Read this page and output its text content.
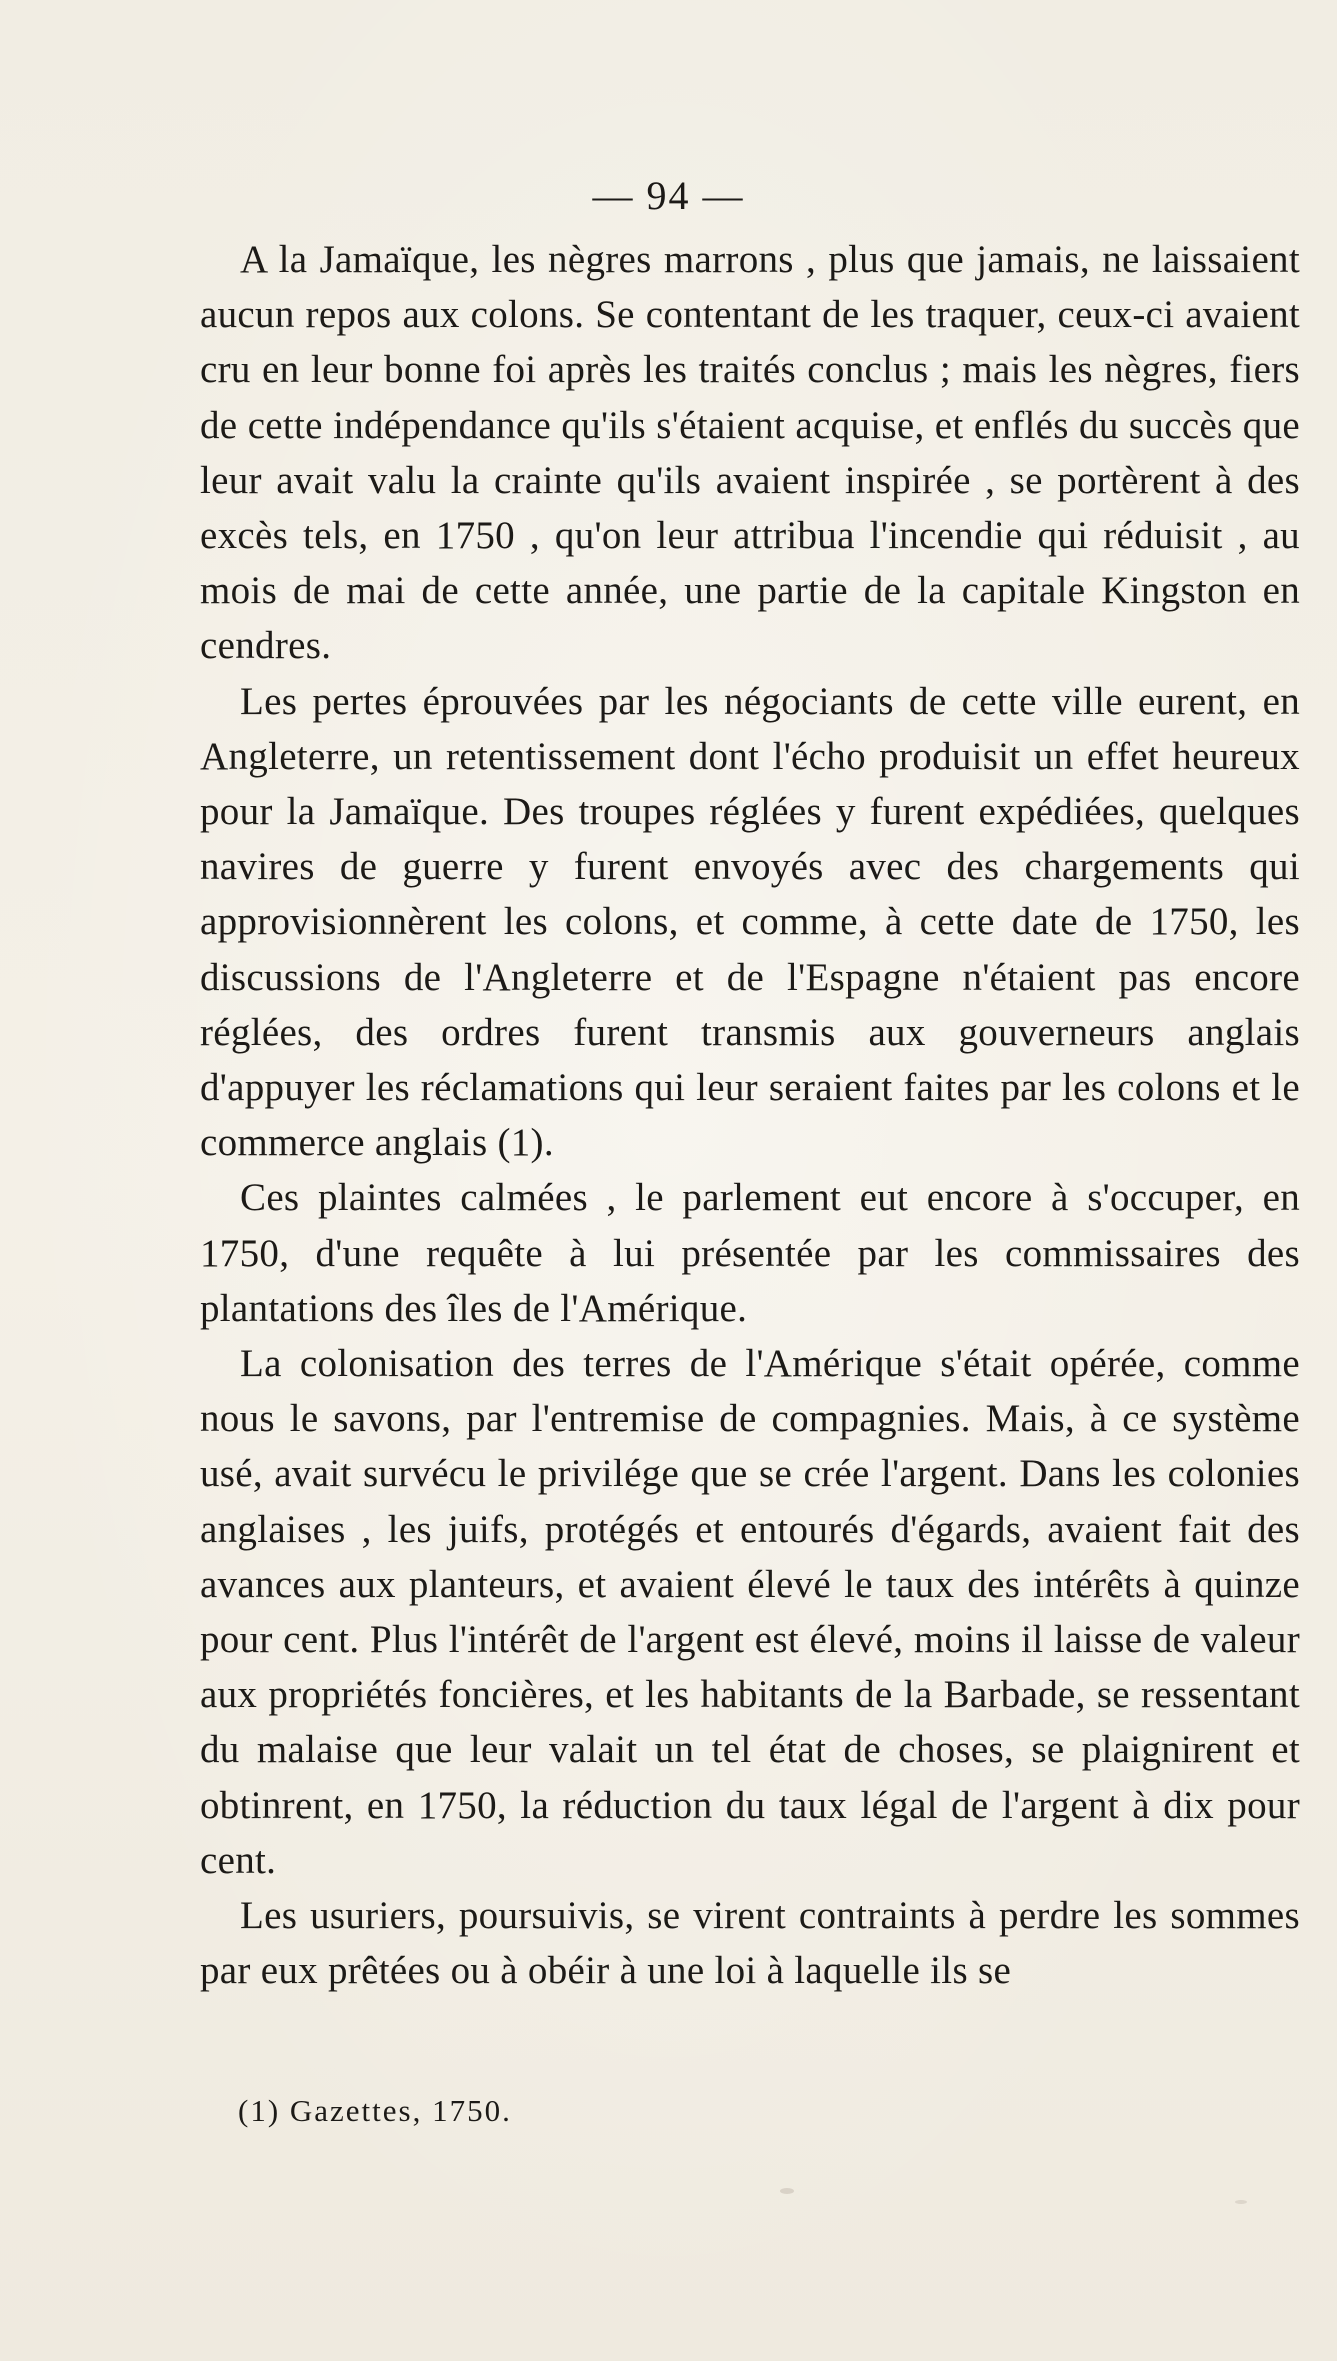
— 94 —

A la Jamaïque, les nègres marrons , plus que jamais, ne laissaient aucun repos aux colons. Se contentant de les traquer, ceux-ci avaient cru en leur bonne foi après les traités conclus ; mais les nègres, fiers de cette indépendance qu'ils s'étaient acquise, et enflés du succès que leur avait valu la crainte qu'ils avaient inspirée , se portèrent à des excès tels, en 1750 , qu'on leur attribua l'incendie qui réduisit , au mois de mai de cette année, une partie de la capitale Kingston en cendres.

Les pertes éprouvées par les négociants de cette ville eurent, en Angleterre, un retentissement dont l'écho produisit un effet heureux pour la Jamaïque. Des troupes réglées y furent expédiées, quelques navires de guerre y furent envoyés avec des chargements qui approvisionnèrent les colons, et comme, à cette date de 1750, les discussions de l'Angleterre et de l'Espagne n'étaient pas encore réglées, des ordres furent transmis aux gouverneurs anglais d'appuyer les réclamations qui leur seraient faites par les colons et le commerce anglais (1).

Ces plaintes calmées , le parlement eut encore à s'occuper, en 1750, d'une requête à lui présentée par les commissaires des plantations des îles de l'Amérique.

La colonisation des terres de l'Amérique s'était opérée, comme nous le savons, par l'entremise de compagnies. Mais, à ce système usé, avait survécu le privilége que se crée l'argent. Dans les colonies anglaises , les juifs, protégés et entourés d'égards, avaient fait des avances aux planteurs, et avaient élevé le taux des intérêts à quinze pour cent. Plus l'intérêt de l'argent est élevé, moins il laisse de valeur aux propriétés foncières, et les habitants de la Barbade, se ressentant du malaise que leur valait un tel état de choses, se plaignirent et obtinrent, en 1750, la réduction du taux légal de l'argent à dix pour cent.

Les usuriers, poursuivis, se virent contraints à perdre les sommes par eux prêtées ou à obéir à une loi à laquelle ils se

(1) Gazettes, 1750.
